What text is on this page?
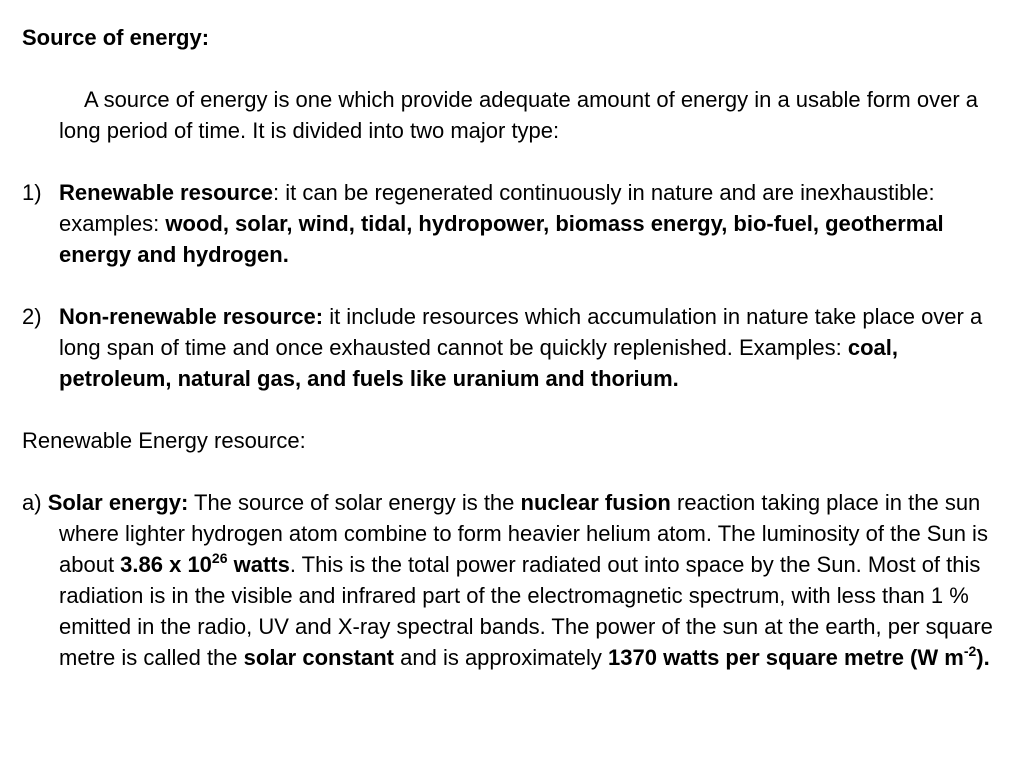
Source of energy:

A source of energy is one which provide adequate amount of energy in a usable form over a long period of time. It is divided into two major type:

1) Renewable resource: it can be regenerated continuously in nature and are inexhaustible: examples: wood, solar, wind, tidal, hydropower, biomass energy, bio-fuel, geothermal energy and hydrogen.

2) Non-renewable resource: it include resources which accumulation in nature take place over a long span of time and once exhausted cannot be quickly replenished. Examples: coal, petroleum, natural gas, and fuels like uranium and thorium.

Renewable Energy resource:

a) Solar energy: The source of solar energy is the nuclear fusion reaction taking place in the sun where lighter hydrogen atom combine to form heavier helium atom. The luminosity of the Sun is about 3.86 x $10^{26}$ watts. This is the total power radiated out into space by the Sun. Most of this radiation is in the visible and infrared part of the electromagnetic spectrum, with less than 1 % emitted in the radio, UV and X-ray spectral bands. The power of the sun at the earth, per square metre is called the solar constant and is approximately 1370 watts per square metre (W $m^{-2}$).
